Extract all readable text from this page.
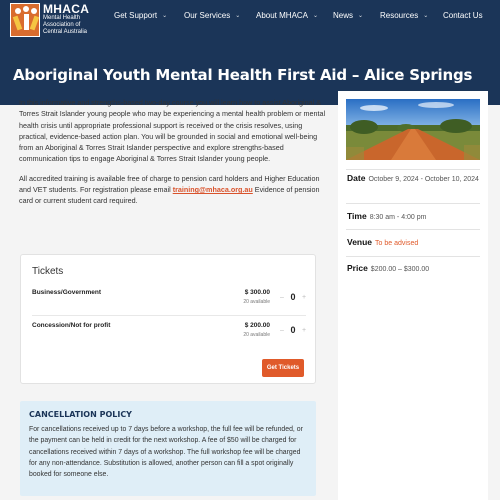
MHACA
Mental Health
Association of
Central Australia
Get Support ⌄ Our Services ⌄ About MHACA ⌄ News ⌄ Resources ⌄ Contact Us
Aboriginal Youth Mental Health First Aid – Alice Springs

In this informative and strengths-based two-day course you will learn how to assist Aboriginal & Torres Strait Islander young people who may be experiencing a mental health problem or mental health crisis until appropriate professional support is received or the crisis resolves, using practical, evidence-based action plan. You will be grounded in social and emotional well-being from an Aboriginal & Torres Strait Islander perspective and explore strengths-based communication tips to engage Aboriginal & Torres Strait Islander young people.

All accredited training is available free of charge to pension card holders and Higher Education and VET students. For registration please email training@mhaca.org.au Evidence of pension card or current student card required.

Tickets
Business/Government	$ 300.00
20 available
– 0 +
Concession/Not for profit	$ 200.00
20 available
– 0 +
Get Tickets
CANCELLATION POLICY
For cancellations received up to 7 days before a workshop, the full fee will be refunded, or the payment can be held in credit for the next workshop. A fee of $50 will be charged for cancellations received within 7 days of a workshop. The full workshop fee will be charged for any non-attendance. Substitution is allowed, another person can fill a spot originally booked for someone else.
Date October 9, 2024 - October 10, 2024
Time 8:30 am - 4:00 pm
Venue To be advised
Price $200.00 – $300.00
